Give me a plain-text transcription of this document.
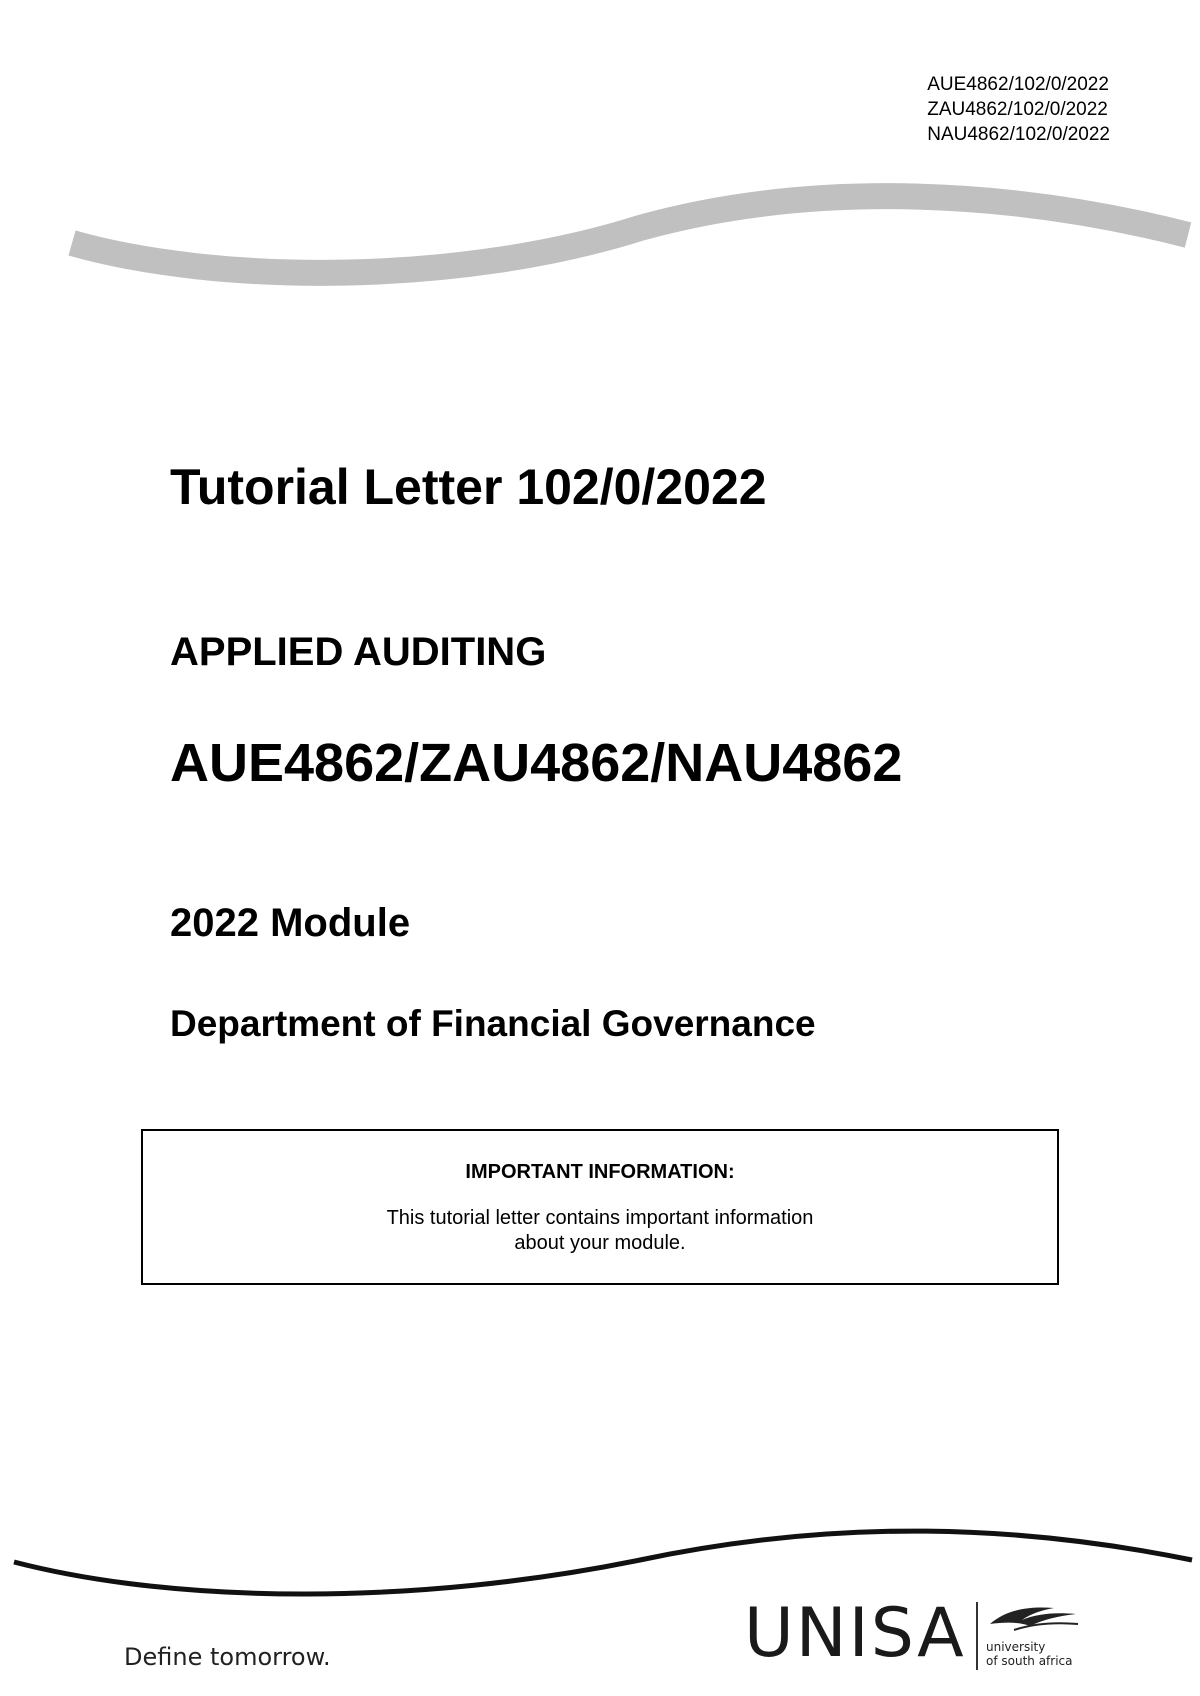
AUE4862/102/0/2022
ZAU4862/102/0/2022
NAU4862/102/0/2022
Tutorial Letter 102/0/2022
APPLIED AUDITING
AUE4862/ZAU4862/NAU4862
2022 Module
Department of Financial Governance
IMPORTANT INFORMATION:
This tutorial letter contains important information
about your module.
Define tomorrow.	UNISA university
of south africa
